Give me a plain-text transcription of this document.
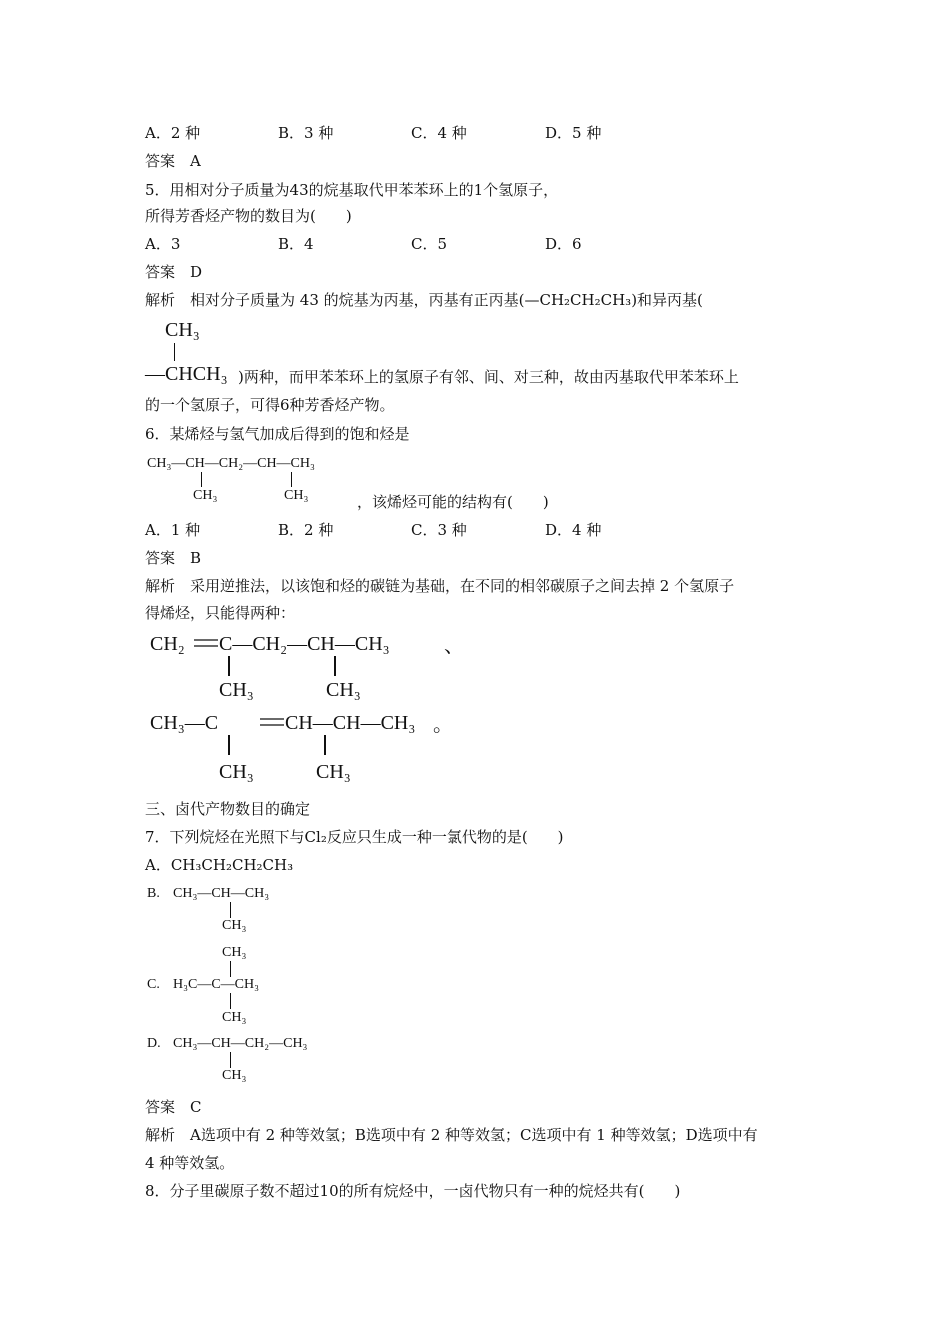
A．2 种	B．3 种	C．4 种	D．5 种
答案　A
5．用相对分子质量为43的烷基取代甲苯苯环上的1个氢原子，
所得芳香烃产物的数目为(　　)
A．3	B．4	C．5	D．6
答案　D
解析　相对分子质量为 43 的烷基为丙基，丙基有正丙基(—CH₂CH₂CH₃)和异丙基(
CH₃
—CHCH₃ )两种，而甲苯苯环上的氢原子有邻、间、对三种，故由丙基取代甲苯苯环上
的一个氢原子，可得6种芳香烃产物。
6．某烯烃与氢气加成后得到的饱和烃是
CH₃—CH—CH₂—CH—CH₃
CH₃	CH₃	，该烯烃可能的结构有(　　)
A．1 种	B．2 种	C．3 种	D．4 种
答案　B
解析　采用逆推法，以该饱和烃的碳链为基础，在不同的相邻碳原子之间去掉 2 个氢原子
得烯烃，只能得两种：
CH₂ C—CH₂—CH—CH₃
CH₃	CH₃
、
CH₃—C	CH—CH—CH₃
CH₃	CH₃
。
三、卤代产物数目的确定
7．下列烷烃在光照下与Cl₂反应只生成一种一氯代物的是(　　)
A．CH₃CH₂CH₂CH₃
B. CH₃—CH—CH₃
CH₃
CH₃
C. H₃C—C—CH₃
CH₃
D. CH₃—CH—CH₂—CH₃
CH₃
答案　C
解析　A选项中有 2 种等效氢；B选项中有 2 种等效氢；C选项中有 1 种等效氢；D选项中有
4 种等效氢。
8．分子里碳原子数不超过10的所有烷烃中，一卤代物只有一种的烷烃共有(　　)
